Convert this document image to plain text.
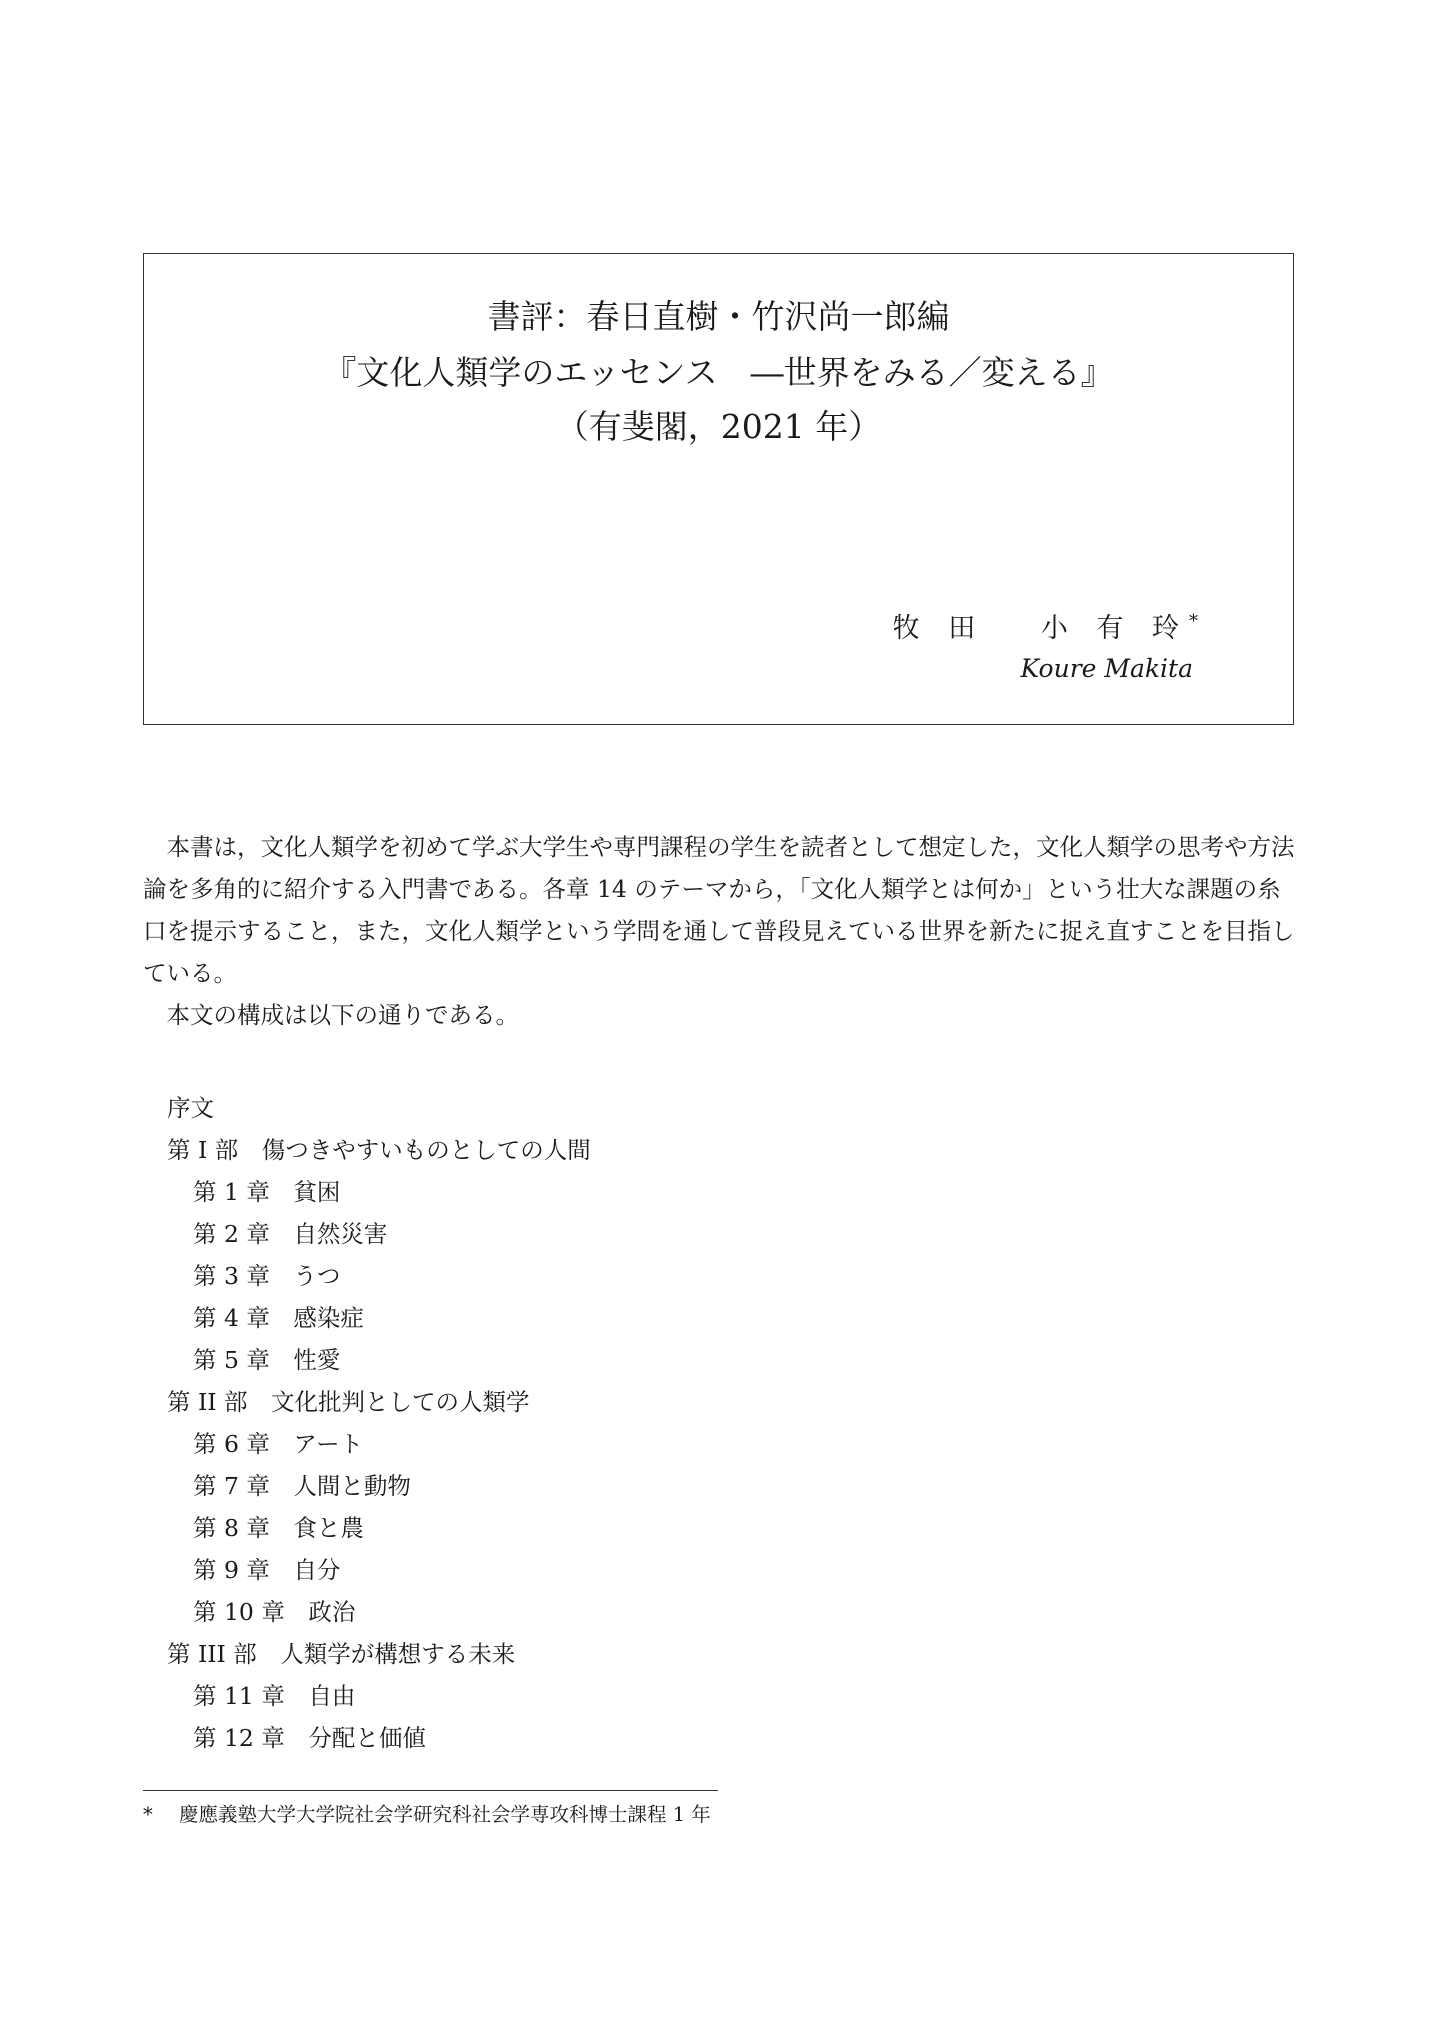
書評：春日直樹・竹沢尚一郎編
『文化人類学のエッセンス　―世界をみる／変える』
（有斐閣，2021 年）
牧 田　 小 有 玲*
Koure Makita

本書は，文化人類学を初めて学ぶ大学生や専門課程の学生を読者として想定した，文化人類学の思考や方法論を多角的に紹介する入門書である。各章 14 のテーマから，「文化人類学とは何か」という壮大な課題の糸口を提示すること，また，文化人類学という学問を通して普段見えている世界を新たに捉え直すことを目指している。

本文の構成は以下の通りである。

序文
第 I 部　傷つきやすいものとしての人間
第 1 章　貧困
第 2 章　自然災害
第 3 章　うつ
第 4 章　感染症
第 5 章　性愛
第 II 部　文化批判としての人類学
第 6 章　アート
第 7 章　人間と動物
第 8 章　食と農
第 9 章　自分
第 10 章　政治
第 III 部　人類学が構想する未来
第 11 章　自由
第 12 章　分配と価値
* 慶應義塾大学大学院社会学研究科社会学専攻科博士課程 1 年
